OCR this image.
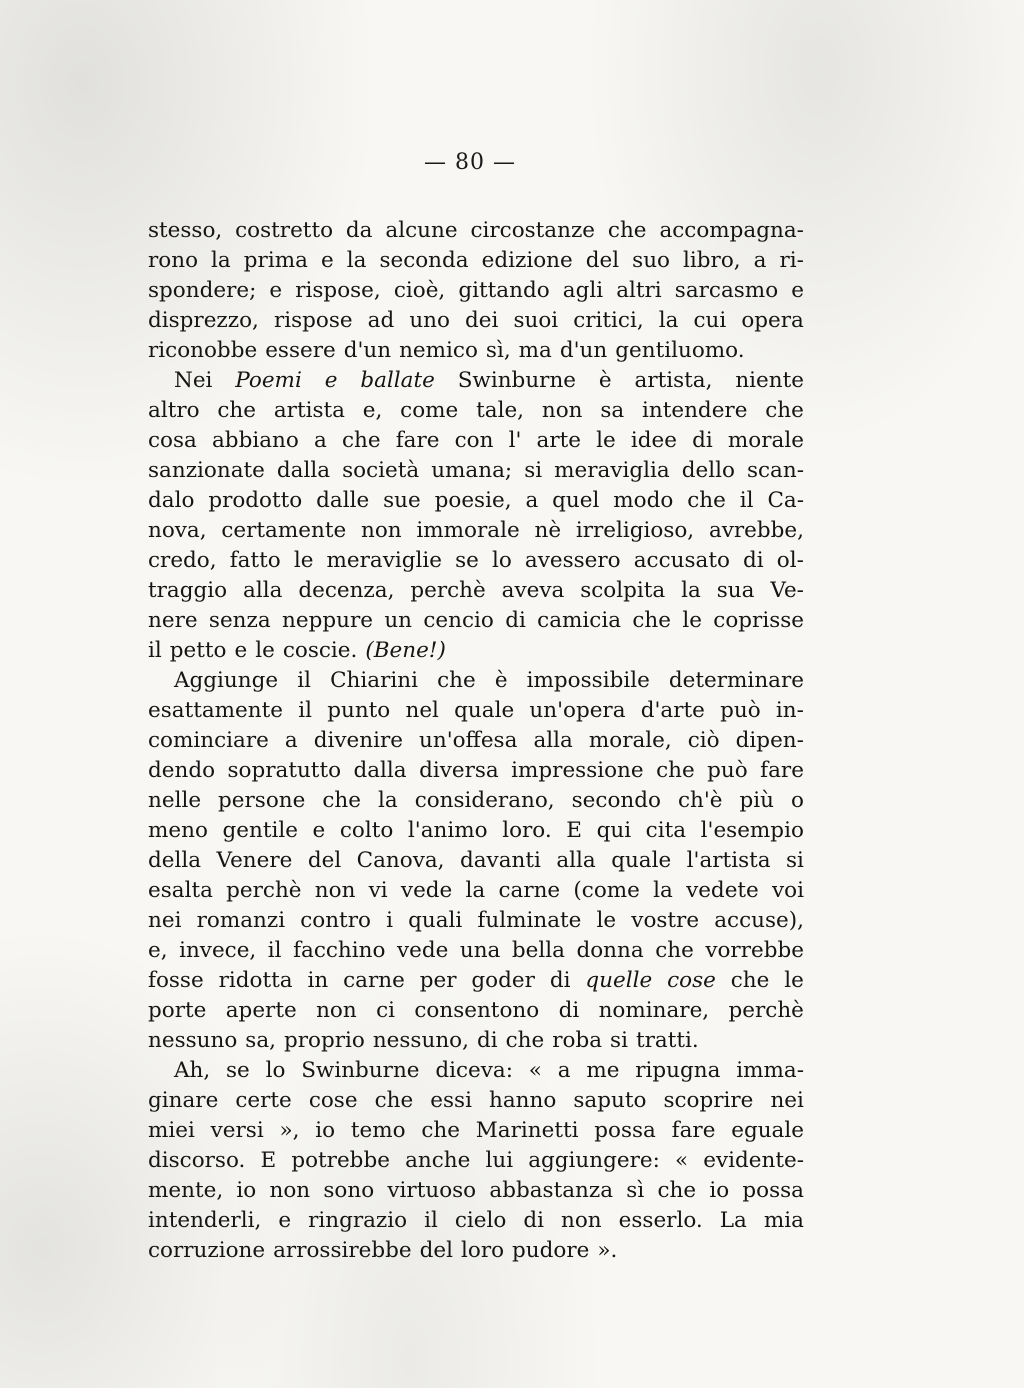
— 80 —
stesso, costretto da alcune circostanze che accompagna-
rono la prima e la seconda edizione del suo libro, a ri-
spondere; e rispose, cioè, gittando agli altri sarcasmo e
disprezzo, rispose ad uno dei suoi critici, la cui opera
riconobbe essere d'un nemico sì, ma d'un gentiluomo.
Nei Poemi e ballate Swinburne è artista, niente
altro che artista e, come tale, non sa intendere che
cosa abbiano a che fare con l' arte le idee di morale
sanzionate dalla società umana; si meraviglia dello scan-
dalo prodotto dalle sue poesie, a quel modo che il Ca-
nova, certamente non immorale nè irreligioso, avrebbe,
credo, fatto le meraviglie se lo avessero accusato di ol-
traggio alla decenza, perchè aveva scolpita la sua Ve-
nere senza neppure un cencio di camicia che le coprisse
il petto e le coscie. (Bene!)
Aggiunge il Chiarini che è impossibile determinare
esattamente il punto nel quale un'opera d'arte può in-
cominciare a divenire un'offesa alla morale, ciò dipen-
dendo sopratutto dalla diversa impressione che può fare
nelle persone che la considerano, secondo ch'è più o
meno gentile e colto l'animo loro. E qui cita l'esempio
della Venere del Canova, davanti alla quale l'artista si
esalta perchè non vi vede la carne (come la vedete voi
nei romanzi contro i quali fulminate le vostre accuse),
e, invece, il facchino vede una bella donna che vorrebbe
fosse ridotta in carne per goder di quelle cose che le
porte aperte non ci consentono di nominare, perchè
nessuno sa, proprio nessuno, di che roba si tratti.
Ah, se lo Swinburne diceva: « a me ripugna imma-
ginare certe cose che essi hanno saputo scoprire nei
miei versi », io temo che Marinetti possa fare eguale
discorso. E potrebbe anche lui aggiungere: « evidente-
mente, io non sono virtuoso abbastanza sì che io possa
intenderli, e ringrazio il cielo di non esserlo. La mia
corruzione arrossirebbe del loro pudore ».
